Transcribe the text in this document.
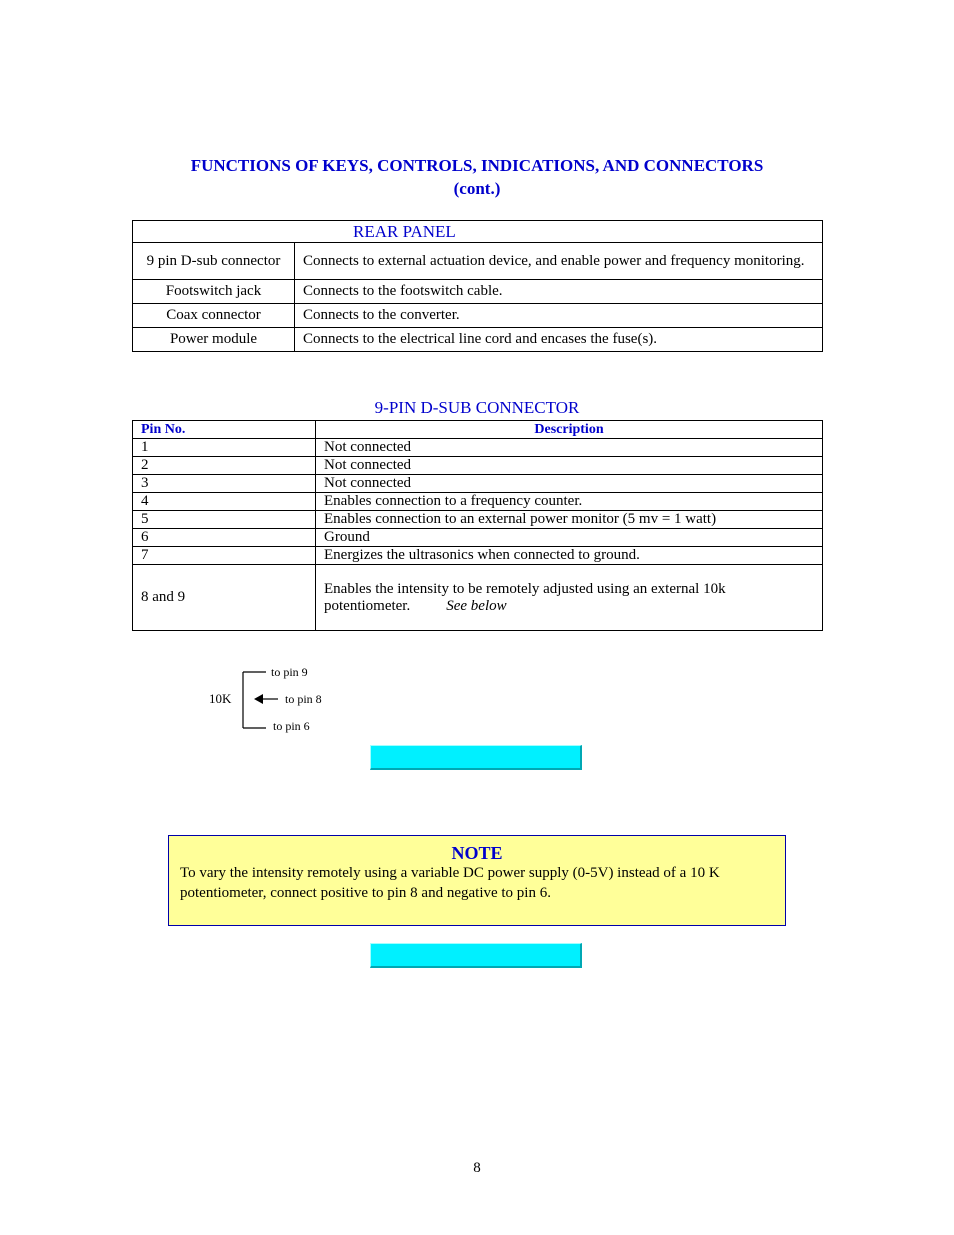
FUNCTIONS OF KEYS, CONTROLS, INDICATIONS, AND CONNECTORS
(cont.)
REAR PANEL	
9 pin D-sub connector	Connects to external actuation device, and enable power and frequency monitoring.
Footswitch jack	Connects to the footswitch cable.
Coax connector	Connects to the converter.
Power module	Connects to the electrical line cord and encases the fuse(s).
9-PIN D-SUB CONNECTOR
Pin No.	Description
1	Not connected
2	Not connected
3	Not connected
4	Enables connection to a frequency counter.
5	Enables connection to an external power monitor (5 mv = 1 watt)
6	Ground
7	Energizes the ultrasonics when connected to ground.
8 and 9	Enables the intensity to be remotely adjusted using an external 10k potentiometer. See below
10K
to pin 9
to pin 8
to pin 6
NOTE
To vary the intensity remotely using a variable DC power supply (0-5V) instead of a 10 K potentiometer, connect positive to pin 8 and negative to pin 6.
8
